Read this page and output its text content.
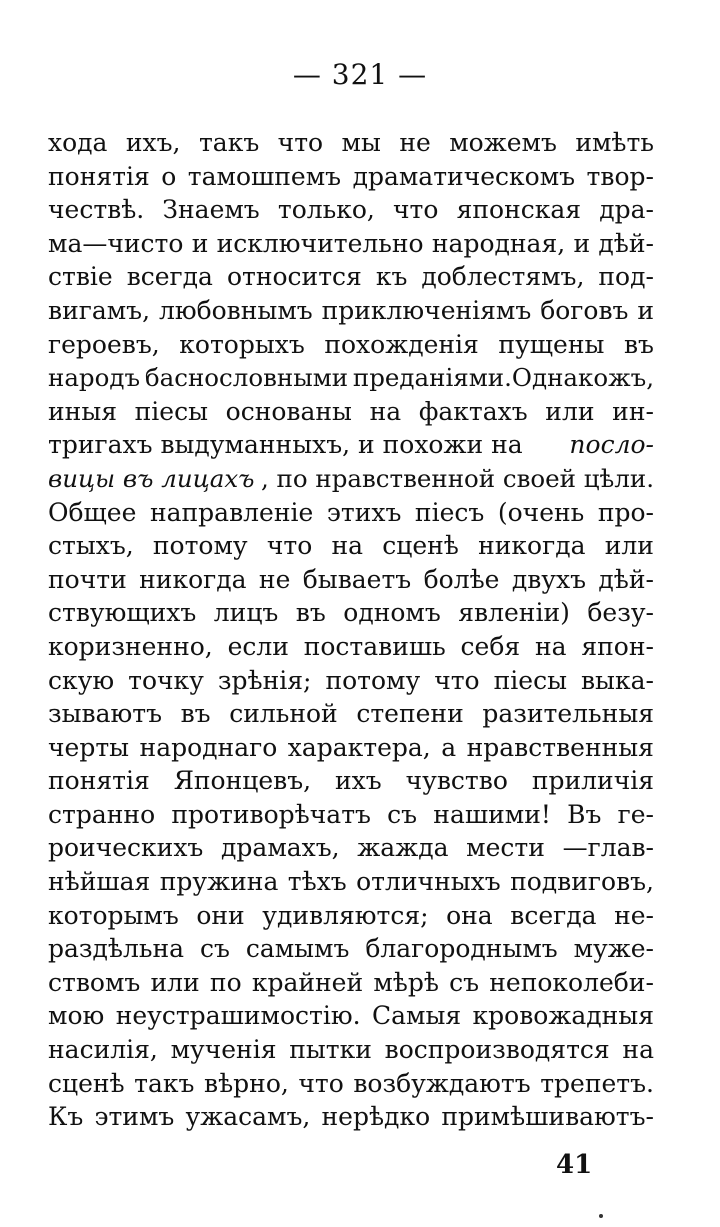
— 321 —
хода ихъ, такъ что мы не можемъ имѣть
понятія о тамошпемъ драматическомъ твор-
чествѣ. Знаемъ только, что японская дра-
ма—чисто и исключительно народная, и дѣй-
ствіе всегда относится къ доблестямъ, под-
вигамъ, любовнымъ приключеніямъ боговъ и
героевъ, которыхъ похожденія пущены въ
народъ баснословными преданіями.Однакожъ,
иныя піесы основаны на фактахъ или ин-
тригахъ выдуманныхъ, и похожи на посло-
вицы въ лицахъ , по нравственной своей цѣли.
Общее направленіе этихъ піесъ (очень про-
стыхъ, потому что на сценѣ никогда или
почти никогда не бываетъ болѣе двухъ дѣй-
ствующихъ лицъ въ одномъ явленіи) безу-
коризненно, если поставишь себя на япон-
скую точку зрѣнія; потому что піесы выка-
зываютъ въ сильной степени разительныя
черты народнаго характера, а нравственныя
понятія Японцевъ, ихъ чувство приличія
странно противорѣчатъ съ нашими! Въ ге-
роическихъ драмахъ, жажда мести —глав-
нѣйшая пружина тѣхъ отличныхъ подвиговъ,
которымъ они удивляются; она всегда не-
раздѣльна съ самымъ благороднымъ муже-
ствомъ или по крайней мѣрѣ съ непоколеби-
мою неустрашимостію. Самыя кровожадныя
насилія, мученія пытки воспроизводятся на
сценѣ такъ вѣрно, что возбуждаютъ трепетъ.
Къ этимъ ужасамъ, нерѣдко примѣшиваютъ-
41
